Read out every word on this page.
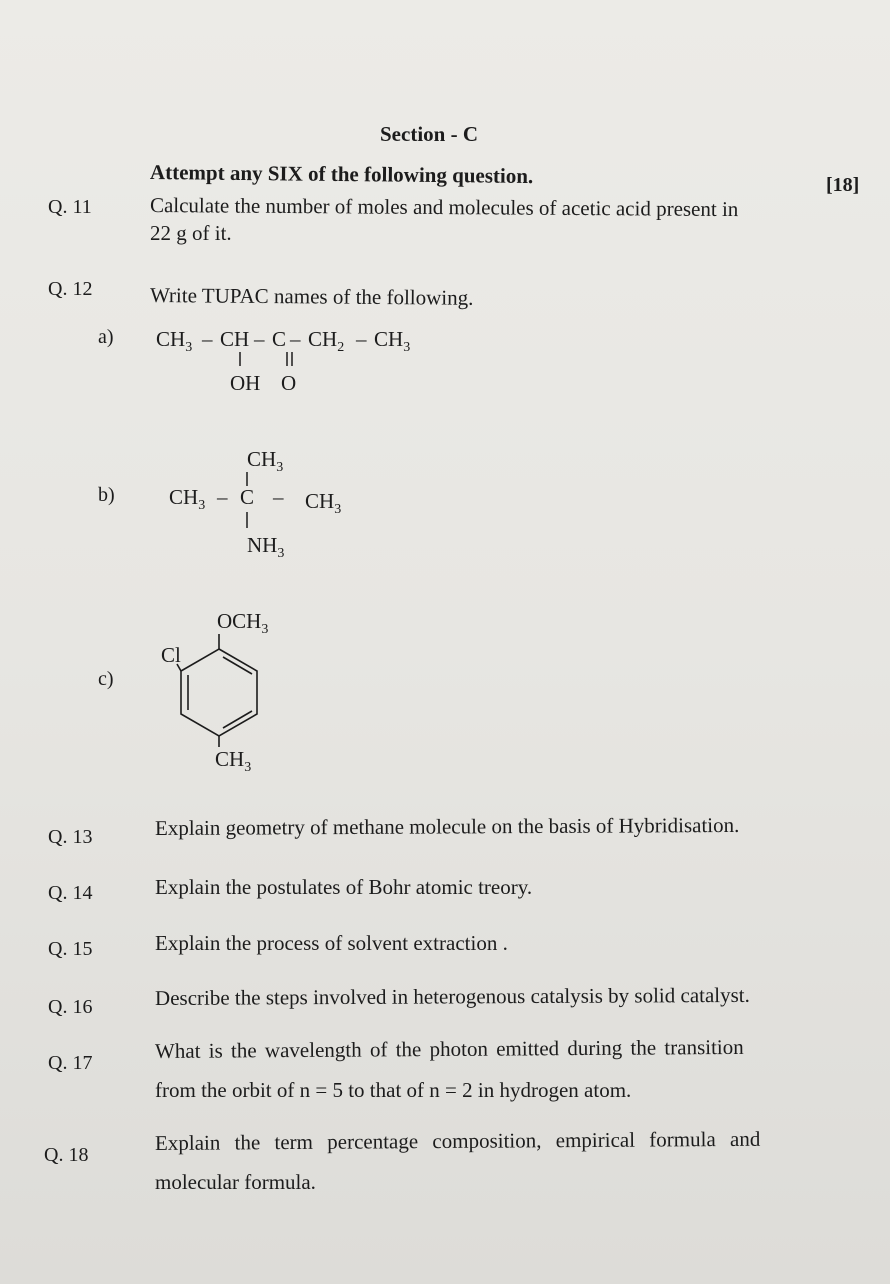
Section - C
Attempt any SIX of the following question.	[18]
Q. 11	Calculate the number of moles and molecules of acetic acid present in
22 g of it.
Q. 12	Write TUPAC names of the following.
a) $CH_3$ – CH – C – $CH_2 - CH_3$
OH O
b)
$CH_3$
$CH_3$ – C – $CH_3$
$NH_3$
c)
$OCH_3$
Cl
$CH_3$
Q. 13	Explain geometry of methane molecule on the basis of Hybridisation.
Q. 14	Explain the postulates of Bohr atomic treory.
Q. 15	Explain the process of solvent extraction .
Q. 16	Describe the steps involved in heterogenous catalysis by solid catalyst.
Q. 17
What is the wavelength of the photon emitted during the transition
from the orbit of n = 5 to that of n = 2 in hydrogen atom.
Q. 18
Explain the term percentage composition, empirical formula and
molecular formula.
